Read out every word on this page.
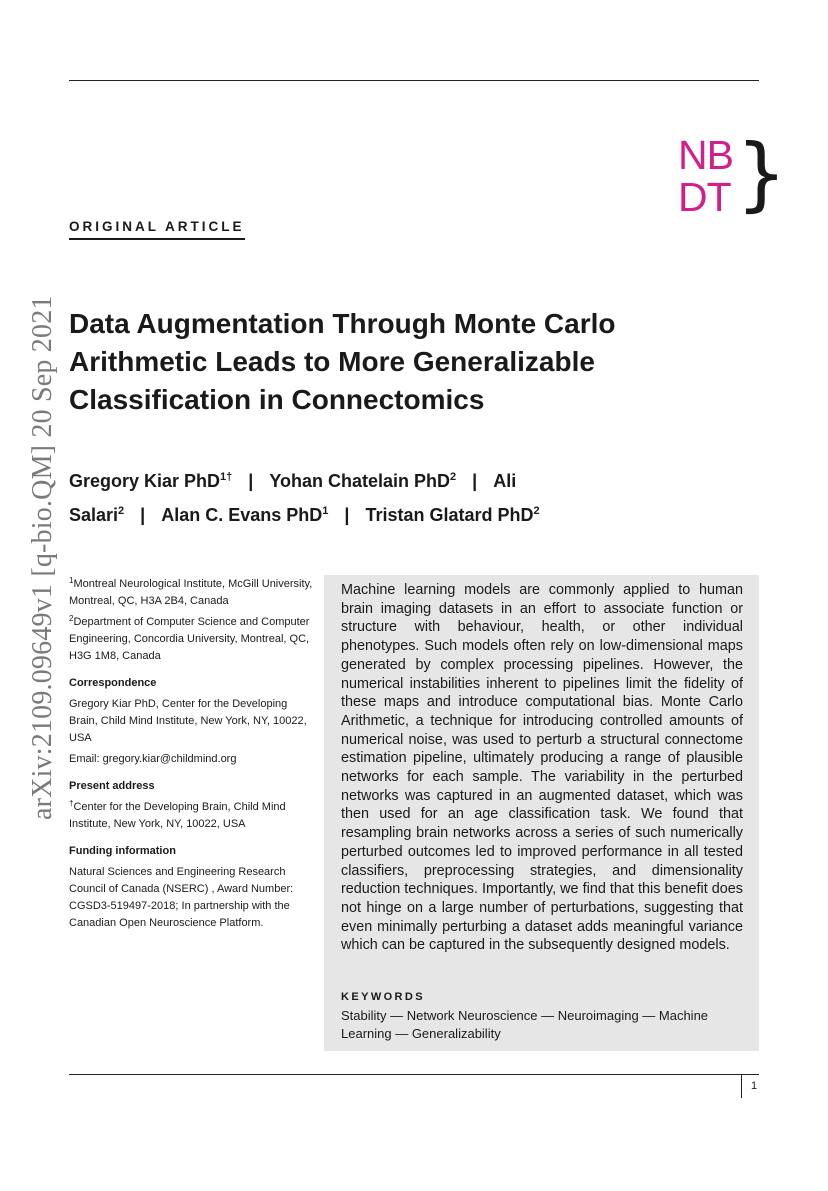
arXiv:2109.09649v1 [q-bio.QM] 20 Sep 2021
NB
DT }
ORIGINAL ARTICLE
Data Augmentation Through Monte Carlo Arithmetic Leads to More Generalizable Classification in Connectomics
Gregory Kiar PhD$^{1\dagger}$ | Yohan Chatelain PhD$^2$ | Ali Salari$^2$ | Alan C. Evans PhD$^1$ | Tristan Glatard PhD$^2$

$^1$Montreal Neurological Institute, McGill University, Montreal, QC, H3A 2B4, Canada

$^2$Department of Computer Science and Computer Engineering, Concordia University, Montreal, QC, H3G 1M8, Canada

Correspondence

Gregory Kiar PhD, Center for the Developing Brain, Child Mind Institute, New York, NY, 10022, USA

Email: gregory.kiar@childmind.org

Present address

†Center for the Developing Brain, Child Mind Institute, New York, NY, 10022, USA

Funding information

Natural Sciences and Engineering Research Council of Canada (NSERC) , Award Number: CGSD3-519497-2018; In partnership with the Canadian Open Neuroscience Platform.

Machine learning models are commonly applied to human brain imaging datasets in an effort to associate function or structure with behaviour, health, or other individual phenotypes. Such models often rely on low-dimensional maps generated by complex processing pipelines. However, the numerical instabilities inherent to pipelines limit the fidelity of these maps and introduce computational bias. Monte Carlo Arithmetic, a technique for introducing controlled amounts of numerical noise, was used to perturb a structural connectome estimation pipeline, ultimately producing a range of plausible networks for each sample. The variability in the perturbed networks was captured in an augmented dataset, which was then used for an age classification task. We found that resampling brain networks across a series of such numerically perturbed outcomes led to improved performance in all tested classifiers, preprocessing strategies, and dimensionality reduction techniques. Importantly, we find that this benefit does not hinge on a large number of perturbations, suggesting that even minimally perturbing a dataset adds meaningful variance which can be captured in the subsequently designed models.

KEYWORDS
Stability — Network Neuroscience — Neuroimaging — Machine Learning — Generalizability
1
